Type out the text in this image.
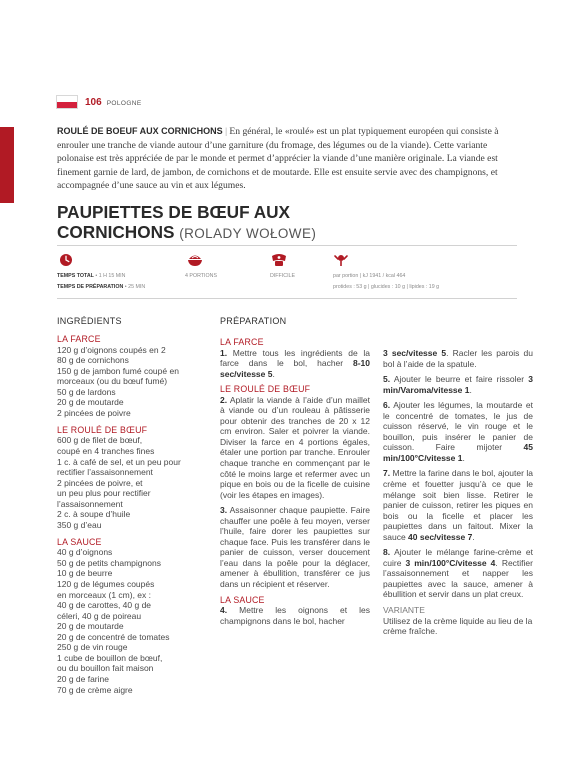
106 POLOGNE
ROULÉ DE BOEUF AUX CORNICHONS | En général, le «roulé» est un plat typiquement européen qui consiste à enrouler une tranche de viande autour d’une garniture (du fromage, des légumes ou de la viande). Cette variante polonaise est très appréciée de par le monde et permet d’apprécier la viande d’une manière originale. La viande est finement garnie de lard, de jambon, de cornichons et de moutarde. Elle est ensuite servie avec des champignons, et accompagnée d’une sauce au vin et aux légumes.
PAUPIETTES DE BŒUF AUX
CORNICHONS (ROLADY WOŁOWE)
TEMPS TOTAL • 1 H 15 MIN
TEMPS DE PRÉPARATION • 25 MIN
4 PORTIONS	DIFFICILE	par portion | kJ 1941 / kcal 464
protides : 53 g | glucides : 10 g | lipides : 19 g
INGRÉDIENTS	PRÉPARATION

LA FARCE

120 g d’oignons coupés en 2

80 g de cornichons

150 g de jambon fumé coupé en

morceaux (ou du bœuf fumé)

50 g de lardons

20 g de moutarde

2 pincées de poivre

LE ROULÉ DE BŒUF

600 g de filet de bœuf,

coupé en 4 tranches fines

1 c. à café de sel, et un peu pour

rectifier l’assaisonnement

2 pincées de poivre, et

un peu plus pour rectifier

l’assaisonnement

2 c. à soupe d’huile

350 g d’eau

LA SAUCE

40 g d’oignons

50 g de petits champignons

10 g de beurre

120 g de légumes coupés

en morceaux (1 cm), ex :

40 g de carottes, 40 g de

céleri, 40 g de poireau

20 g de moutarde

20 g de concentré de tomates

250 g de vin rouge

1 cube de bouillon de bœuf,

ou du bouillon fait maison

20 g de farine

70 g de crème aigre

LA FARCE

1. Mettre tous les ingrédients de la farce dans le bol, hacher 8-10 sec/vitesse 5.

LE ROULÉ DE BŒUF

2. Aplatir la viande à l’aide d’un maillet à viande ou d’un rouleau à pâtisserie pour obtenir des tranches de 20 x 12 cm environ. Saler et poivrer la viande. Diviser la farce en 4 portions égales, étaler une portion par tranche. Enrouler chaque tranche en commençant par le côté le moins large et refermer avec un pique en bois ou de la ficelle de cuisine (voir les étapes en images).

3. Assaisonner chaque paupiette. Faire chauffer une poêle à feu moyen, verser l’huile, faire dorer les paupiettes sur chaque face. Puis les transférer dans le panier de cuisson, verser doucement l’eau dans la poêle pour la déglacer, amener à ébullition, transférer ce jus dans un récipient et réserver.

LA SAUCE

4. Mettre les oignons et les champignons dans le bol, hacher

3 sec/vitesse 5. Racler les parois du bol à l’aide de la spatule.

5. Ajouter le beurre et faire rissoler 3 min/Varoma/vitesse 1.

6. Ajouter les légumes, la moutarde et le concentré de tomates, le jus de cuisson réservé, le vin rouge et le bouillon, puis insérer le panier de cuisson. Faire mijoter 45 min/100°C/vitesse 1.

7. Mettre la farine dans le bol, ajouter la crème et fouetter jusqu’à ce que le mélange soit bien lisse. Retirer le panier de cuisson, retirer les piques en bois ou la ficelle et placer les paupiettes dans un faitout. Mixer la sauce 40 sec/vitesse 7.

8. Ajouter le mélange farine-crème et cuire 3 min/100°C/vitesse 4. Rectifier l’assaisonnement et napper les paupiettes avec la sauce, amener à ébullition et servir dans un plat creux.

VARIANTE

Utilisez de la crème liquide au lieu de la crème fraîche.
